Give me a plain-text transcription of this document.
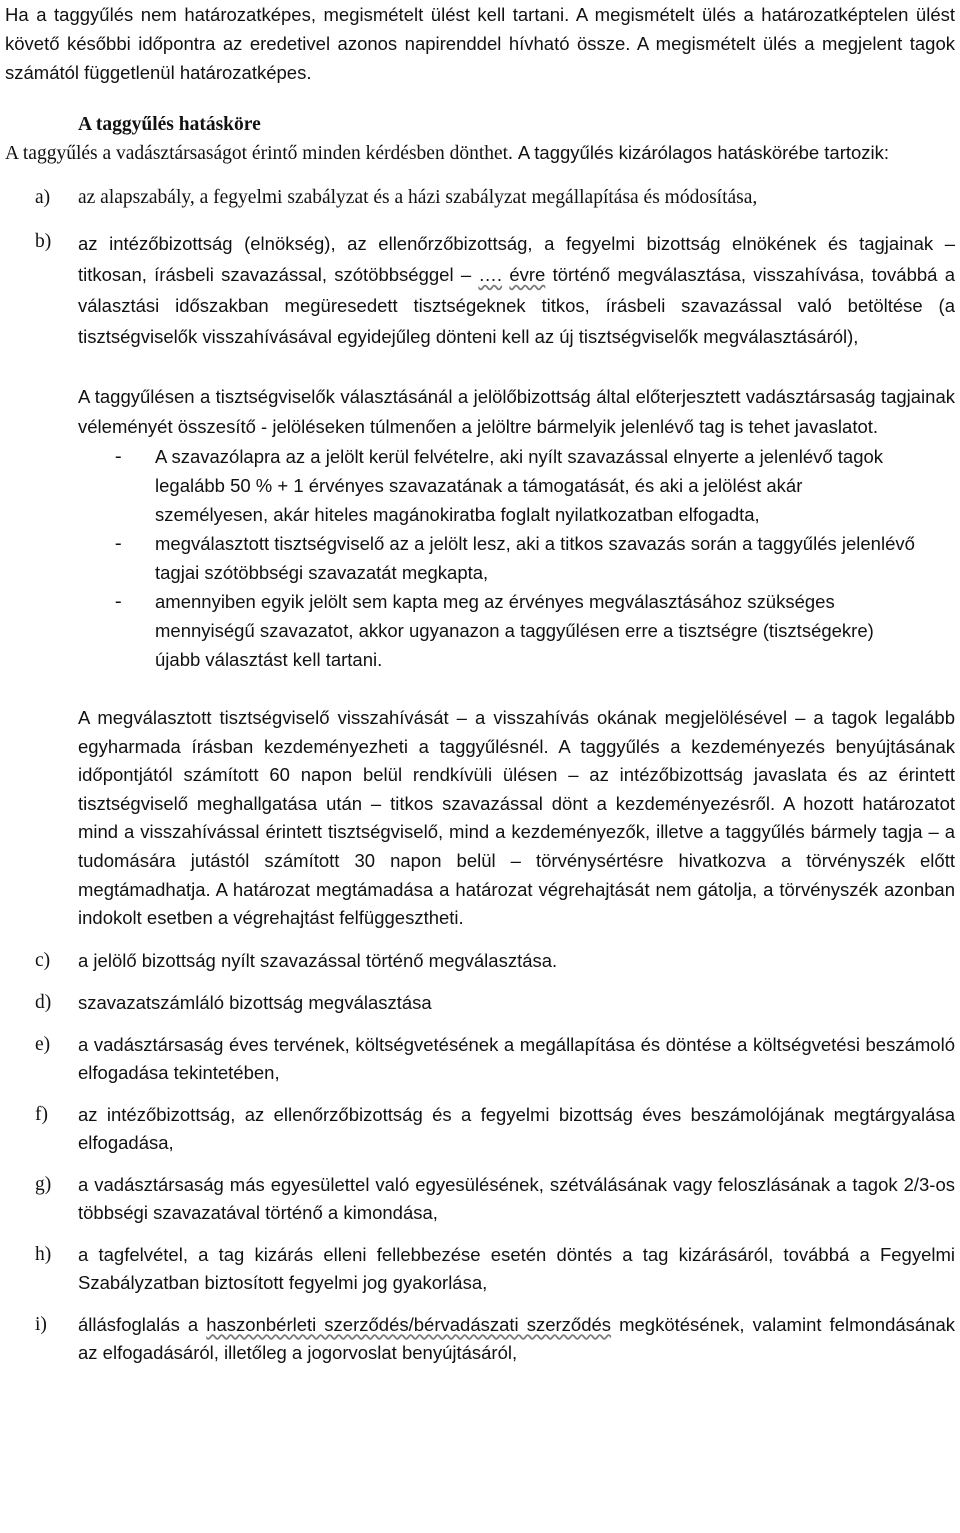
Ha a taggyűlés nem határozatképes, megismételt ülést kell tartani. A megismételt ülés a határozatképtelen ülést követő későbbi időpontra az eredetivel azonos napirenddel hívható össze. A megismételt ülés a megjelent tagok számától függetlenül határozatképes.

A taggyűlés hatásköre

A taggyűlés a vadásztársaságot érintő minden kérdésben dönthet. A taggyűlés kizárólagos hatáskörébe tartozik:

a)	az alapszabály, a fegyelmi szabályzat és a házi szabályzat megállapítása és módosítása,
b)	az intézőbizottság (elnökség), az ellenőrzőbizottság, a fegyelmi bizottság elnökének és tagjainak – titkosan, írásbeli szavazással, szótöbbséggel – …. évre történő megválasztása, visszahívása, továbbá a választási időszakban megüresedett tisztségeknek titkos, írásbeli szavazással való betöltése (a tisztségviselők visszahívásával egyidejűleg dönteni kell az új tisztségviselők megválasztásáról),

A taggyűlésen a tisztségviselők választásánál a jelölőbizottság által előterjesztett vadásztársaság tagjainak véleményét összesítő - jelöléseken túlmenően a jelöltre bármelyik jelenlévő tag is tehet javaslatot.

-	A szavazólapra az a jelölt kerül felvételre, aki nyílt szavazással elnyerte a jelenlévő tagok legalább 50 % + 1 érvényes szavazatának a támogatását, és aki a jelölést akár személyesen, akár hiteles magánokiratba foglalt nyilatkozatban elfogadta,
-	megválasztott tisztségviselő az a jelölt lesz, aki a titkos szavazás során a taggyűlés jelenlévő tagjai szótöbbségi szavazatát megkapta,
-	amennyiben egyik jelölt sem kapta meg az érvényes megválasztásához szükséges mennyiségű szavazatot, akkor ugyanazon a taggyűlésen erre a tisztségre (tisztségekre) újabb választást kell tartani.

A megválasztott tisztségviselő visszahívását – a visszahívás okának megjelölésével – a tagok legalább egyharmada írásban kezdeményezheti a taggyűlésnél. A taggyűlés a kezdeményezés benyújtásának időpontjától számított 60 napon belül rendkívüli ülésen – az intézőbizottság javaslata és az érintett tisztségviselő meghallgatása után – titkos szavazással dönt a kezdeményezésről. A hozott határozatot mind a visszahívással érintett tisztségviselő, mind a kezdeményezők, illetve a taggyűlés bármely tagja – a tudomására jutástól számított 30 napon belül – törvénysértésre hivatkozva a törvényszék előtt megtámadhatja. A határozat megtámadása a határozat végrehajtását nem gátolja, a törvényszék azonban indokolt esetben a végrehajtást felfüggesztheti.

c)	a jelölő bizottság nyílt szavazással történő megválasztása.
d)	szavazatszámláló bizottság megválasztása
e)	a vadásztársaság éves tervének, költségvetésének a megállapítása és döntése a költségvetési beszámoló elfogadása tekintetében,
f)	az intézőbizottság, az ellenőrzőbizottság és a fegyelmi bizottság éves beszámolójának megtárgyalása elfogadása,
g)	a vadásztársaság más egyesülettel való egyesülésének, szétválásának vagy feloszlásának a tagok 2/3-os többségi szavazatával történő a kimondása,
h)	a tagfelvétel, a tag kizárás elleni fellebbezése esetén döntés a tag kizárásáról, továbbá a Fegyelmi Szabályzatban biztosított fegyelmi jog gyakorlása,
i)	állásfoglalás a haszonbérleti szerződés/bérvadászati szerződés megkötésének, valamint felmondásának az elfogadásáról, illetőleg a jogorvoslat benyújtásáról,
